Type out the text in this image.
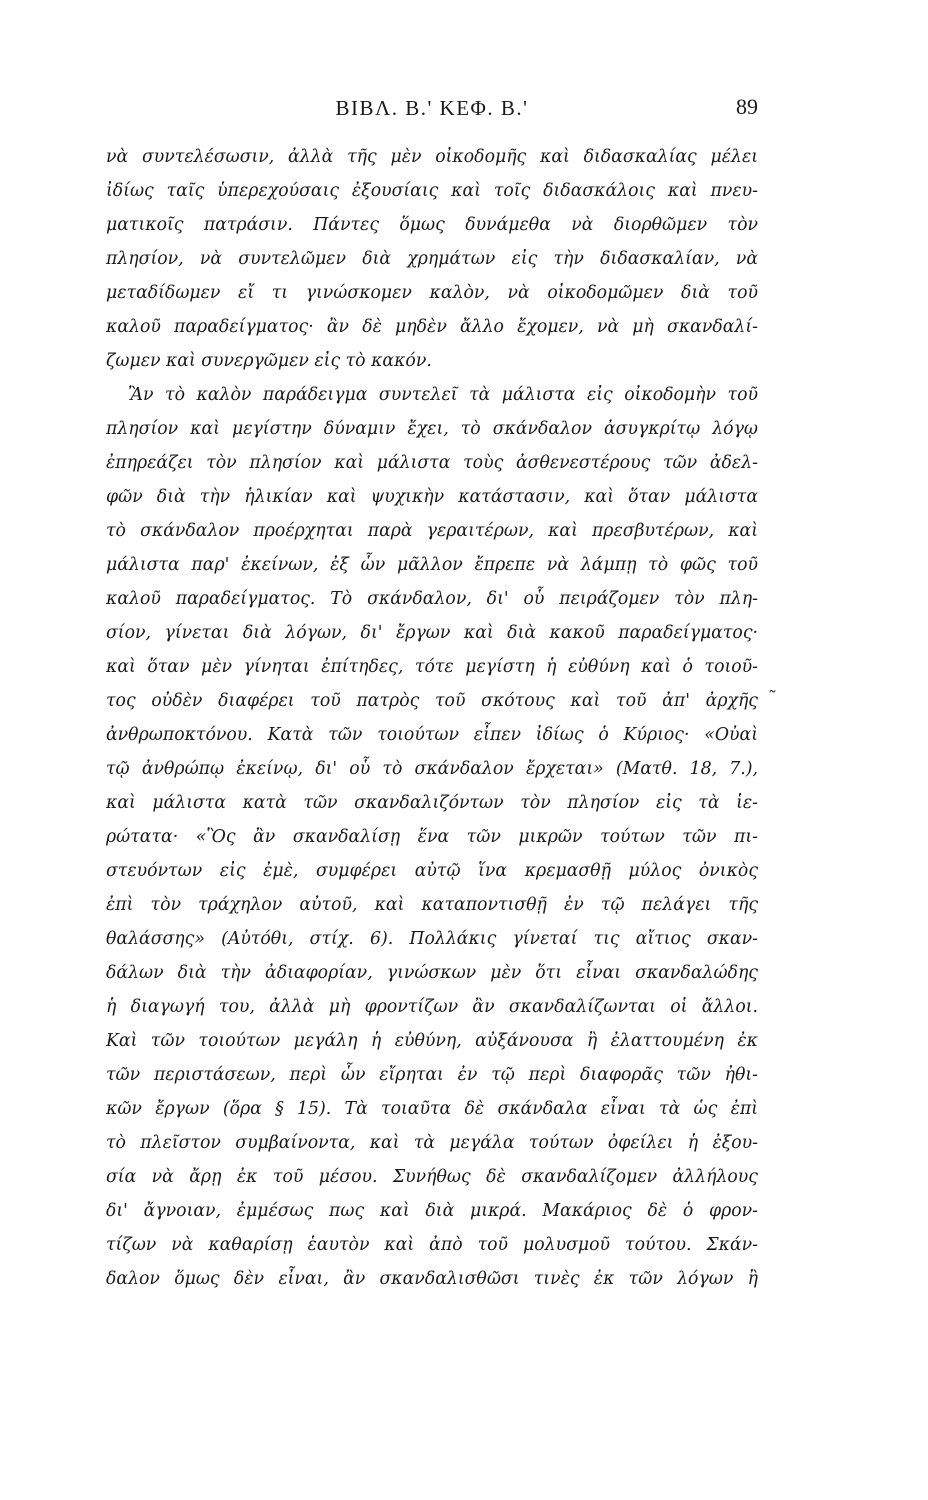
BIBΛ. Β.' ΚΕΦ. Β.'	89
νὰ συντελέσωσιν, ἀλλὰ τῆς μὲν οἰκοδομῆς καὶ διδασκαλίας μέλει
ἰδίως ταῖς ὑπερεχούσαις ἐξουσίαις καὶ τοῖς διδασκάλοις καὶ πνευ-
ματικοῖς πατράσιν. Πάντες ὅμως δυνάμεθα νὰ διορθῶμεν τὸν
πλησίον, νὰ συντελῶμεν διὰ χρημάτων εἰς τὴν διδασκαλίαν, νὰ
μεταδίδωμεν εἴ τι γινώσκομεν καλὸν, νὰ οἰκοδομῶμεν διὰ τοῦ
καλοῦ παραδείγματος· ἂν δὲ μηδὲν ἄλλο ἔχομεν, νὰ μὴ σκανδαλί-
ζωμεν καὶ συνεργῶμεν εἰς τὸ κακόν.
Ἂν τὸ καλὸν παράδειγμα συντελεῖ τὰ μάλιστα εἰς οἰκοδομὴν τοῦ
πλησίον καὶ μεγίστην δύναμιν ἔχει, τὸ σκάνδαλον ἀσυγκρίτῳ λόγῳ
ἐπηρεάζει τὸν πλησίον καὶ μάλιστα τοὺς ἀσθενεστέρους τῶν ἀδελ-
φῶν διὰ τὴν ἡλικίαν καὶ ψυχικὴν κατάστασιν, καὶ ὅταν μάλιστα
τὸ σκάνδαλον προέρχηται παρὰ γεραιτέρων, καὶ πρεσβυτέρων, καὶ
μάλιστα παρ' ἐκείνων, ἐξ ὧν μᾶλλον ἔπρεπε νὰ λάμπῃ τὸ φῶς τοῦ
καλοῦ παραδείγματος. Τὸ σκάνδαλον, δι' οὗ πειράζομεν τὸν πλη-
σίον, γίνεται διὰ λόγων, δι' ἔργων καὶ διὰ κακοῦ παραδείγματος·
καὶ ὅταν μὲν γίνηται ἐπίτηδες, τότε μεγίστη ἡ εὐθύνη καὶ ὁ τοιοῦ-
τος οὐδὲν διαφέρει τοῦ πατρὸς τοῦ σκότους καὶ τοῦ ἀπ' ἀρχῆς
ἀνθρωποκτόνου. Κατὰ τῶν τοιούτων εἶπεν ἰδίως ὁ Κύριος· «Οὐαὶ
τῷ ἀνθρώπῳ ἐκείνῳ, δι' οὗ τὸ σκάνδαλον ἔρχεται» (Ματθ. 18, 7.),
καὶ μάλιστα κατὰ τῶν σκανδαλιζόντων τὸν πλησίον εἰς τὰ ἱε-
ρώτατα· «Ὃς ἂν σκανδαλίσῃ ἕνα τῶν μικρῶν τούτων τῶν πι-
στευόντων εἰς ἐμὲ, συμφέρει αὐτῷ ἵνα κρεμασθῇ μύλος ὀνικὸς
ἐπὶ τὸν τράχηλον αὐτοῦ, καὶ καταποντισθῇ ἐν τῷ πελάγει τῆς
θαλάσσης» (Αὐτόθι, στίχ. 6). Πολλάκις γίνεταί τις αἴτιος σκαν-
δάλων διὰ τὴν ἀδιαφορίαν, γινώσκων μὲν ὅτι εἶναι σκανδαλώδης
ἡ διαγωγή του, ἀλλὰ μὴ φροντίζων ἂν σκανδαλίζωνται οἱ ἄλλοι.
Καὶ τῶν τοιούτων μεγάλη ἡ εὐθύνη, αὐξάνουσα ἢ ἐλαττουμένη ἐκ
τῶν περιστάσεων, περὶ ὧν εἴρηται ἐν τῷ περὶ διαφορᾶς τῶν ἠθι-
κῶν ἔργων (ὅρα § 15). Τὰ τοιαῦτα δὲ σκάνδαλα εἶναι τὰ ὡς ἐπὶ
τὸ πλεῖστον συμβαίνοντα, καὶ τὰ μεγάλα τούτων ὀφείλει ἡ ἐξου-
σία νὰ ἄρῃ ἐκ τοῦ μέσου. Συνήθως δὲ σκανδαλίζομεν ἀλλήλους
δι' ἄγνοιαν, ἐμμέσως πως καὶ διὰ μικρά. Μακάριος δὲ ὁ φρον-
τίζων νὰ καθαρίσῃ ἑαυτὸν καὶ ἀπὸ τοῦ μολυσμοῦ τούτου. Σκάν-
δαλον ὅμως δὲν εἶναι, ἂν σκανδαλισθῶσι τινὲς ἐκ τῶν λόγων ἢ
˜
